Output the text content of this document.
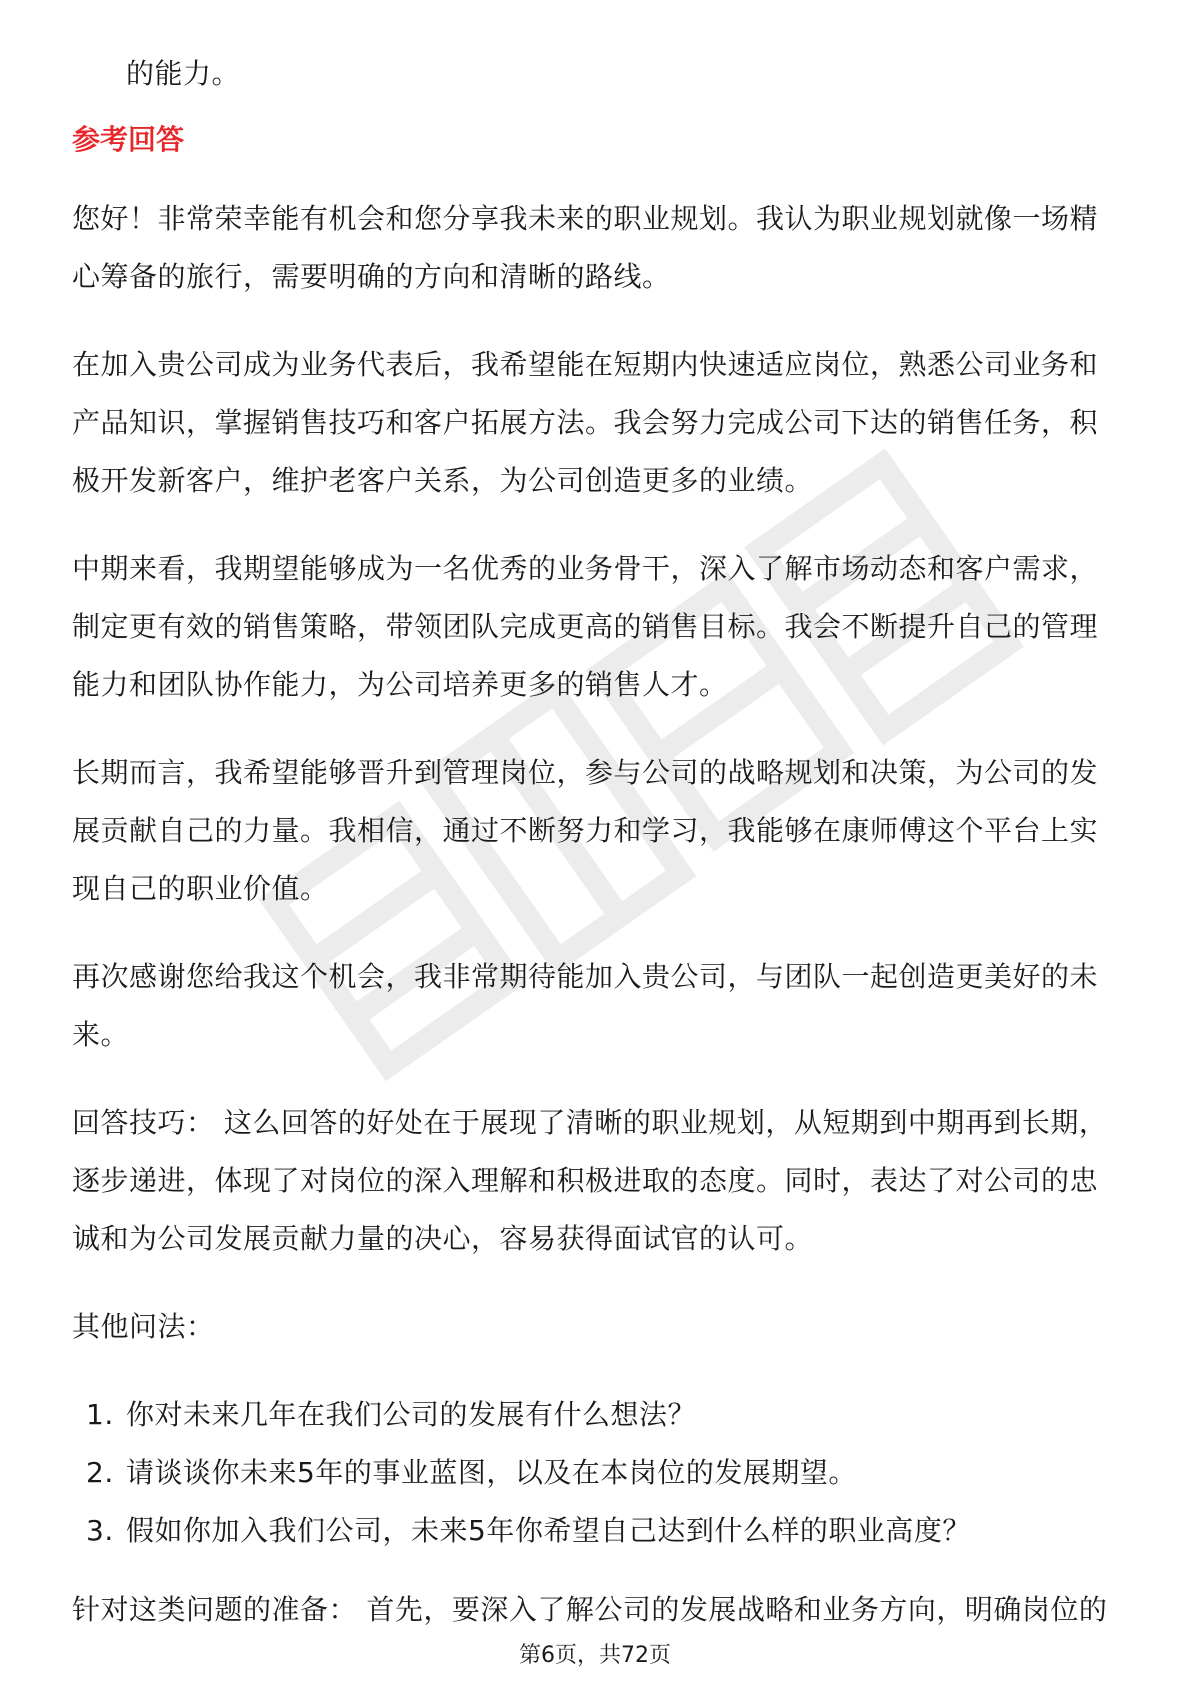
的能力。

参考回答

您好！非常荣幸能有机会和您分享我未来的职业规划。我认为职业规划就像一场精心筹备的旅行，需要明确的方向和清晰的路线。

在加入贵公司成为业务代表后，我希望能在短期内快速适应岗位，熟悉公司业务和产品知识，掌握销售技巧和客户拓展方法。我会努力完成公司下达的销售任务，积极开发新客户，维护老客户关系，为公司创造更多的业绩。

中期来看，我期望能够成为一名优秀的业务骨干，深入了解市场动态和客户需求，制定更有效的销售策略，带领团队完成更高的销售目标。我会不断提升自己的管理能力和团队协作能力，为公司培养更多的销售人才。

长期而言，我希望能够晋升到管理岗位，参与公司的战略规划和决策，为公司的发展贡献自己的力量。我相信，通过不断努力和学习，我能够在康师傅这个平台上实现自己的职业价值。

再次感谢您给我这个机会，我非常期待能加入贵公司，与团队一起创造更美好的未来。

回答技巧： 这么回答的好处在于展现了清晰的职业规划，从短期到中期再到长期，逐步递进，体现了对岗位的深入理解和积极进取的态度。同时，表达了对公司的忠诚和为公司发展贡献力量的决心，容易获得面试官的认可。

其他问法：

1. 你对未来几年在我们公司的发展有什么想法？
2. 请谈谈你未来5年的事业蓝图，以及在本岗位的发展期望。
3. 假如你加入我们公司，未来5年你希望自己达到什么样的职业高度？

针对这类问题的准备： 首先，要深入了解公司的发展战略和业务方向，明确岗位的

第6页，共72页
